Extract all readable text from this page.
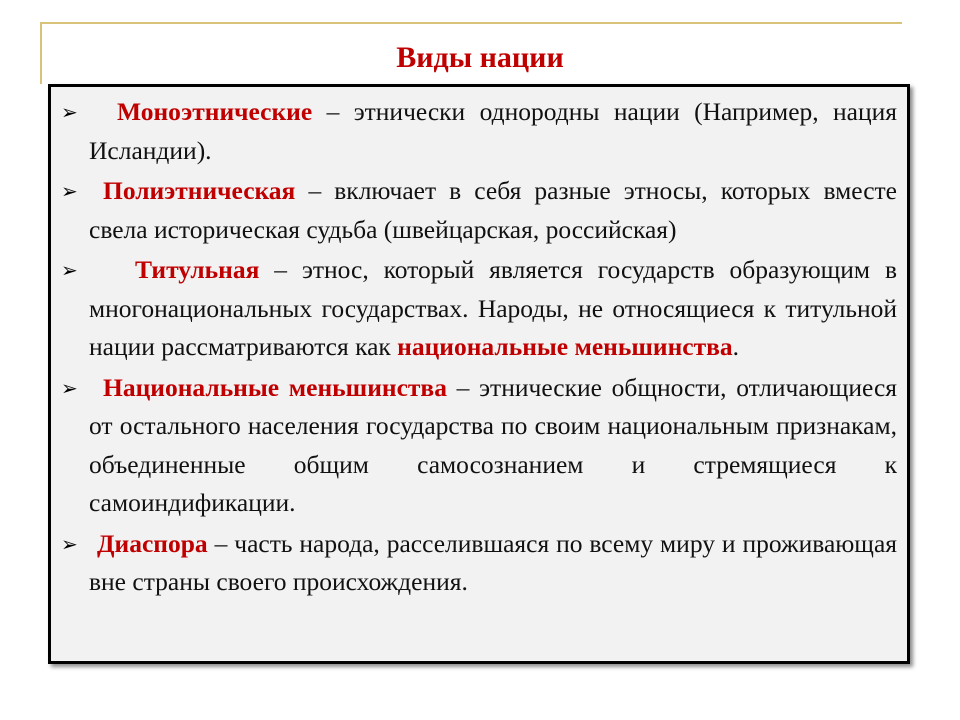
Виды нации
➢ Моноэтнические – этнически однородны нации (Например, нация Исландии).
➢ Полиэтническая – включает в себя разные этносы, которых вместе свела историческая судьба (швейцарская, российская)
➢ Титульная – этнос, который является государств образующим в многонациональных государствах. Народы, не относящиеся к титульной нации рассматриваются как национальные меньшинства.
➢ Национальные меньшинства – этнические общности, отличающиеся от остального населения государства по своим национальным признакам, объединенные общим самосознанием и стремящиеся к самоиндификации.
➢ Диаспора – часть народа, расселившаяся по всему миру и проживающая вне страны своего происхождения.
